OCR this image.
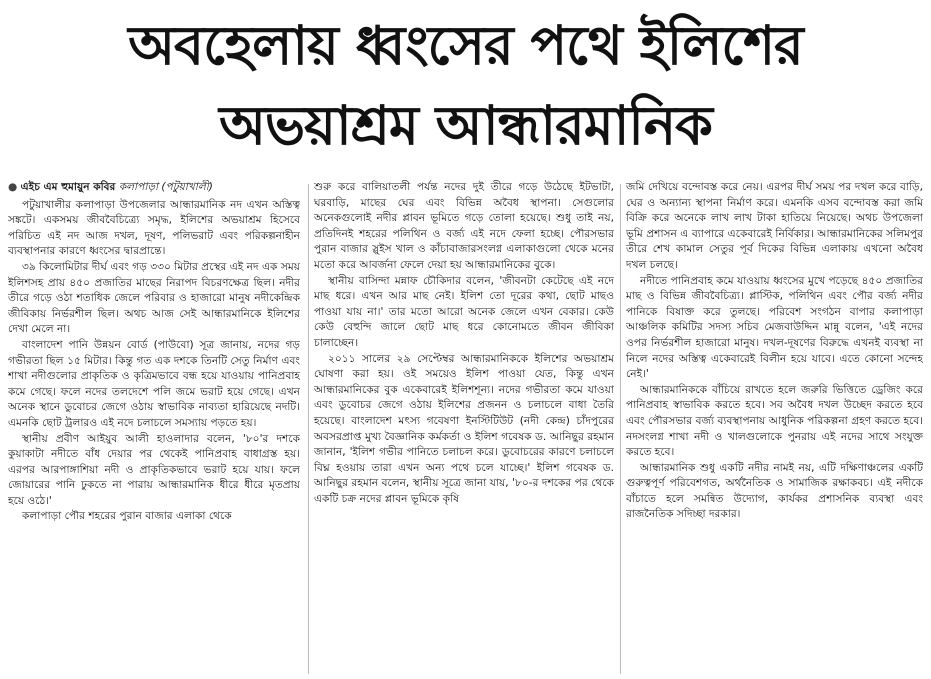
অবহেলায় ধ্বংসের পথে ইলিশের
অভয়াশ্রম আন্ধারমানিক
● এইচ এম হুমায়ুন কবির কলাপাড়া (পটুয়াখালী)

পটুয়াখালীর কলাপাড়া উপজেলার আন্ধারমানিক নদ এখন অস্তিত্ব সঙ্কটে। একসময় জীববৈচিত্র্যে সমৃদ্ধ, ইলিশের অভয়াশ্রম হিসেবে পরিচিত এই নদ আজ দখল, দূষণ, পলিভরাট এবং পরিকল্পনাহীন ব্যবস্থাপনার কারণে ধ্বংসের দ্বারপ্রান্তে।

৩৯ কিলোমিটার দীর্ঘ এবং গড় ৩৩০ মিটার প্রস্থের এই নদ এক সময় ইলিশসহ প্রায় ৪৫০ প্রজাতির মাছের নিরাপদ বিচরণক্ষেত্র ছিল। নদীর তীরে গড়ে ওঠা শতাধিক জেলে পরিবার ও হাজারো মানুষ নদীকেন্দ্রিক জীবিকায় নির্ভরশীল ছিল। অথচ আজ সেই আন্ধারমানিকে ইলিশের দেখা মেলে না।

বাংলাদেশ পানি উন্নয়ন বোর্ড (পাউবো) সূত্র জানায়, নদের গড় গভীরতা ছিল ১৫ মিটার। কিন্তু গত এক দশকে তিনটি সেতু নির্মাণ এবং শাখা নদীগুলোর প্রাকৃতিক ও কৃত্রিমভাবে বন্ধ হয়ে যাওয়ায় পানিপ্রবাহ কমে গেছে। ফলে নদের তলদেশে পলি জমে ভরাট হয়ে গেছে। এখন অনেক স্থানে ডুবোচর জেগে ওঠায় স্বাভাবিক নাব্যতা হারিয়েছে নদটি। এমনকি ছোট ট্রলারও এই নদে চলাচলে সমস্যায় পড়তে হয়।

স্থানীয় প্রবীণ আইয়ুব আলী হাওলাদার বলেন, '৮০'র দশকে কুয়াকাটা নদীতে বাঁধ দেয়ার পর থেকেই পানিপ্রবাহ বাধাগ্রস্ত হয়। এরপর আরপাঙ্গাশিয়া নদী ও প্রাকৃতিকভাবে ভরাট হয়ে যায়। ফলে জোয়ারের পানি ঢুকতে না পারায় আন্ধারমানিক ধীরে ধীরে মৃতপ্রায় হয়ে ওঠে।'

কলাপাড়া পৌর শহরের পুরান বাজার এলাকা থেকে

শুরু করে বালিয়াতলী পর্যন্ত নদের দুই তীরে গড়ে উঠেছে ইটভাটা, ঘরবাড়ি, মাছের ঘের এবং বিভিন্ন অবৈধ স্থাপনা। সেগুলোর অনেকগুলোই নদীর প্লাবন ভূমিতে গড়ে তোলা হয়েছে। শুধু তাই নয়, প্রতিদিনই শহরের পলিথিন ও বর্জ্য এই নদে ফেলা হচ্ছে। পৌরসভার পুরান বাজার স্লুইস খাল ও কাঁচাবাজারসংলগ্ন এলাকাগুলো থেকে মনের মতো করে আবর্জনা ফেলে দেয়া হয় আন্ধারমানিকের বুকে।

স্থানীয় বাসিন্দা মন্নাফ চৌকিদার বলেন, 'জীবনটা কেটেছে এই নদে মাছ ধরে। এখন আর মাছ নেই। ইলিশ তো দূরের কথা, ছোট মাছও পাওয়া যায় না।' তার মতো আরো অনেক জেলে এখন বেকার। কেউ কেউ বেহুন্দি জালে ছোট মাছ ধরে কোনোমতে জীবন জীবিকা চালাচ্ছেন।

২০১১ সালের ২৯ সেপ্টেম্বর আন্ধারমানিককে ইলিশের অভয়াশ্রম ঘোষণা করা হয়। ওই সময়েও ইলিশ পাওয়া যেত, কিন্তু এখন আন্ধারমানিকের বুক একেবারেই ইলিশশূন্য। নদের গভীরতা কমে যাওয়া এবং ডুবোচর জেগে ওঠায় ইলিশের প্রজনন ও চলাচলে বাধা তৈরি হয়েছে। বাংলাদেশ মৎস্য গবেষণা ইনস্টিটিউট (নদী কেন্দ্র) চাঁদপুরের অবসরপ্রাপ্ত মুখ্য বৈজ্ঞানিক কর্মকর্তা ও ইলিশ গবেষক ড. আনিছুর রহমান জানান, 'ইলিশ গভীর পানিতে চলাচল করে। ডুবোচরের কারণে চলাচলে বিঘ্ন হওয়ায় তারা এখন অন্য পথে চলে যাচ্ছে।' ইলিশ গবেষক ড. আনিছুর রহমান বলেন, স্থানীয় সূত্রে জানা যায়, '৮০-র দশকের পর থেকে একটি চক্র নদের প্লাবন ভূমিকে কৃষি

জমি দেখিয়ে বন্দোবস্ত করে নেয়। এরপর দীর্ঘ সময় পর দখল করে বাড়ি, ঘের ও অন্যান্য স্থাপনা নির্মাণ করে। এমনকি এসব বন্দোবস্ত করা জমি বিক্রি করে অনেকে লাখ লাখ টাকা হাতিয়ে নিয়েছে। অথচ উপজেলা ভূমি প্রশাসন এ ব্যাপারে একেবারেই নির্বিকার। আন্ধারমানিকের সলিমপুর তীরে শেখ কামাল সেতুর পূর্ব দিকের বিভিন্ন এলাকায় এখনো অবৈধ দখল চলছে।

নদীতে পানিপ্রবাহ কমে যাওয়ায় ধ্বংসের মুখে পড়েছে ৪৫০ প্রজাতির মাছ ও বিভিন্ন জীববৈচিত্র্য। প্লাস্টিক, পলিথিন এবং পৌর বর্জ্য নদীর পানিকে বিষাক্ত করে তুলছে। পরিবেশ সংগঠন বাপার কলাপাড়া আঞ্চলিক কমিটির সদস্য সচিব মেজবাউদ্দিন মান্নু বলেন, 'এই নদের ওপর নির্ভরশীল হাজারো মানুষ। দখল-দূষণের বিরুদ্ধে এখনই ব্যবস্থা না নিলে নদের অস্তিত্ব একেবারেই বিলীন হয়ে যাবে। এতে কোনো সন্দেহ নেই।'

আন্ধারমানিককে বাঁচিয়ে রাখতে হলে জরুরি ভিত্তিতে ড্রেজিং করে পানিপ্রবাহ স্বাভাবিক করতে হবে। সব অবৈধ দখল উচ্ছেদ করতে হবে এবং পৌরসভার বর্জ্য ব্যবস্থাপনায় আধুনিক পরিকল্পনা গ্রহণ করতে হবে। নদসংলগ্ন শাখা নদী ও খালগুলোকে পুনরায় এই নদের সাথে সংযুক্ত করতে হবে।

আন্ধারমানিক শুধু একটি নদীর নামই নয়, এটি দক্ষিণাঞ্চলের একটি গুরুত্বপূর্ণ পরিবেশগত, অর্থনৈতিক ও সামাজিক রক্ষাকবচ। এই নদীকে বাঁচাতে হলে সমন্বিত উদ্যোগ, কার্যকর প্রশাসনিক ব্যবস্থা এবং রাজনৈতিক সদিচ্ছা দরকার।
